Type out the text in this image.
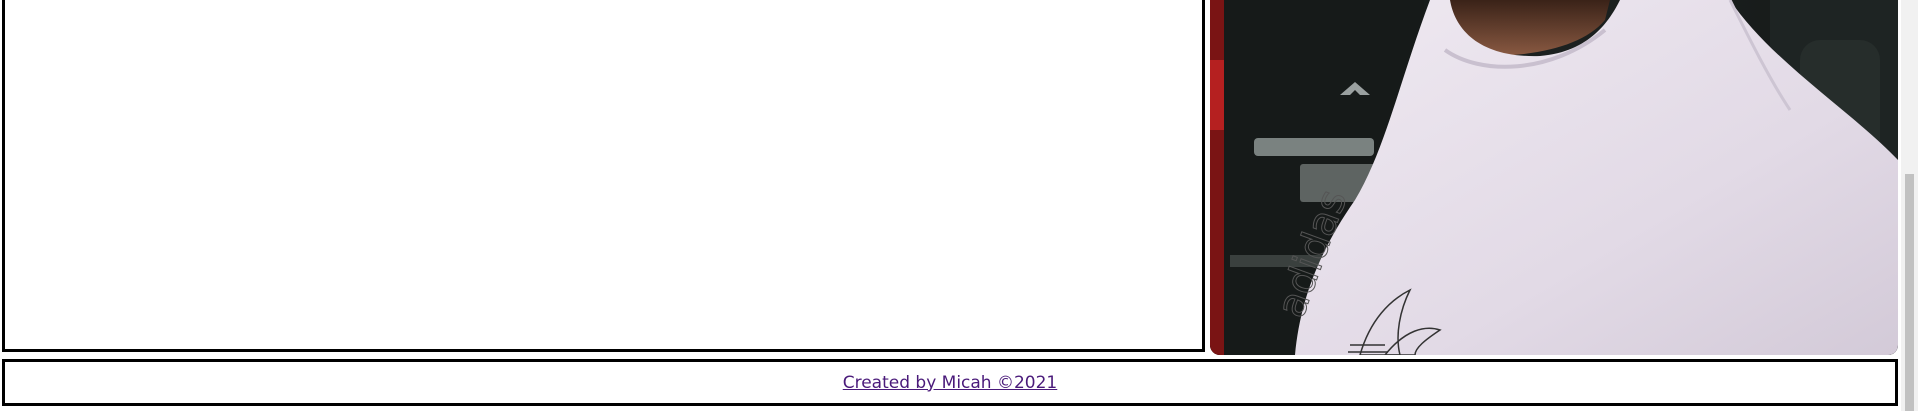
adidas
Created by Micah ©2021
